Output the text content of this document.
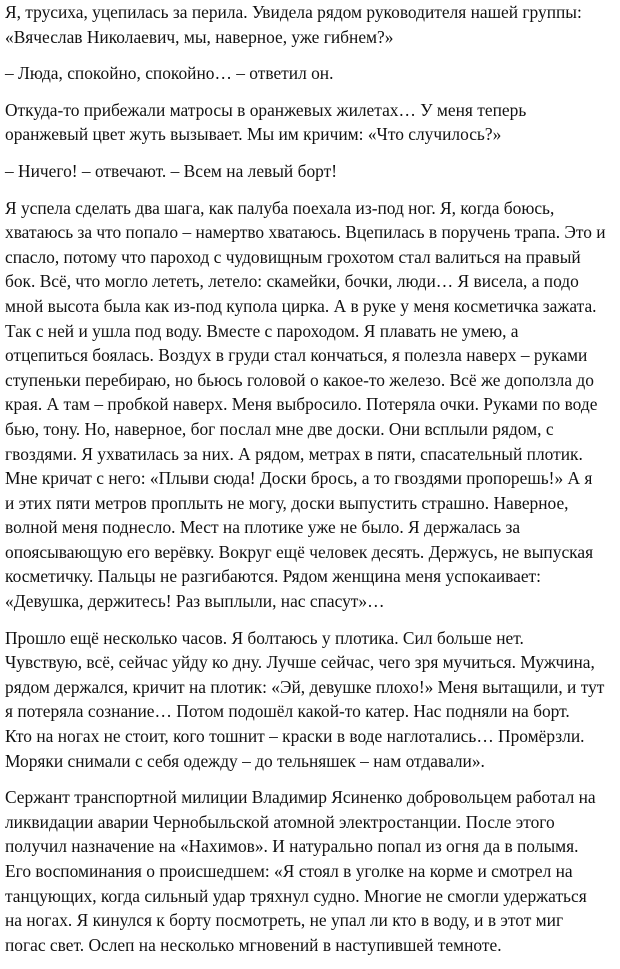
Я, трусиха, уцепилась за перила. Увидела рядом руководителя нашей группы:
«Вячеслав Николаевич, мы, наверное, уже гибнем?»

– Люда, спокойно, спокойно… – ответил он.

Откуда-то прибежали матросы в оранжевых жилетах… У меня теперь
оранжевый цвет жуть вызывает. Мы им кричим: «Что случилось?»

– Ничего! – отвечают. – Всем на левый борт!

Я успела сделать два шага, как палуба поехала из-под ног. Я, когда боюсь,
хватаюсь за что попало – намертво хватаюсь. Вцепилась в поручень трапа. Это и
спасло, потому что пароход с чудовищным грохотом стал валиться на правый
бок. Всё, что могло лететь, летело: скамейки, бочки, люди… Я висела, а подо
мной высота была как из-под купола цирка. А в руке у меня косметичка зажата.
Так с ней и ушла под воду. Вместе с пароходом. Я плавать не умею, а
отцепиться боялась. Воздух в груди стал кончаться, я полезла наверх – руками
ступеньки перебираю, но бьюсь головой о какое-то железо. Всё же доползла до
края. А там – пробкой наверх. Меня выбросило. Потеряла очки. Руками по воде
бью, тону. Но, наверное, бог послал мне две доски. Они всплыли рядом, с
гвоздями. Я ухватилась за них. А рядом, метрах в пяти, спасательный плотик.
Мне кричат с него: «Плыви сюда! Доски брось, а то гвоздями пропорешь!» А я
и этих пяти метров проплыть не могу, доски выпустить страшно. Наверное,
волной меня поднесло. Мест на плотике уже не было. Я держалась за
опоясывающую его верёвку. Вокруг ещё человек десять. Держусь, не выпуская
косметичку. Пальцы не разгибаются. Рядом женщина меня успокаивает:
«Девушка, держитесь! Раз выплыли, нас спасут»…

Прошло ещё несколько часов. Я болтаюсь у плотика. Сил больше нет.
Чувствую, всё, сейчас уйду ко дну. Лучше сейчас, чего зря мучиться. Мужчина,
рядом держался, кричит на плотик: «Эй, девушке плохо!» Меня вытащили, и тут
я потеряла сознание… Потом подошёл какой-то катер. Нас подняли на борт.
Кто на ногах не стоит, кого тошнит – краски в воде наглотались… Промёрзли.
Моряки снимали с себя одежду – до тельняшек – нам отдавали».

Сержант транспортной милиции Владимир Ясиненко добровольцем работал на
ликвидации аварии Чернобыльской атомной электростанции. После этого
получил назначение на «Нахимов». И натурально попал из огня да в полымя.
Его воспоминания о происшедшем: «Я стоял в уголке на корме и смотрел на
танцующих, когда сильный удар тряхнул судно. Многие не смогли удержаться
на ногах. Я кинулся к борту посмотреть, не упал ли кто в воду, и в этот миг
погас свет. Ослеп на несколько мгновений в наступившей темноте.
